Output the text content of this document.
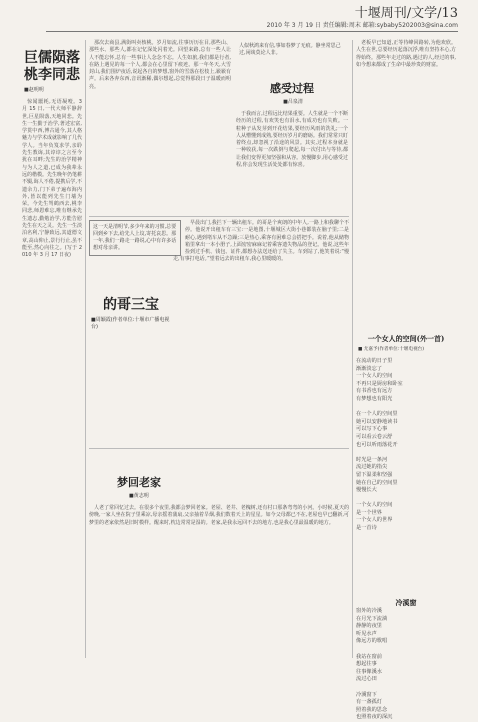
十堰周刊/文学/13
2010 年 3 月 19 日 责任编辑:周末 邮箱:sybaby5202003@sina.com
巨儒陨落
桃李同悲
■赵明明

惊闻噩耗,无语凝噎。3 月 15 日,一代大师平静辞世,巨星陨落,天地同悲。先生一生勤于治学,著述宏富,学贯中西,博古通今,其人格魅力与学术成就影响了几代学人。当年负笈求学,亲聆先生教诲,其谆谆之言至今犹在耳畔;先生的治学精神与为人之道,已成为我辈永远的楷模。先生晚年仍笔耕不辍,诲人不倦,提携后学,不遗余力,门下弟子遍布海内外,皆以能列先生门墙为荣。今先生驾鹤西去,桃李同悲,师恩难忘,唯有继承先生遗志,勤勉治学,方能告慰先生在天之灵。先生一生淡泊名利,宁静致远,其道德文章,高山仰止,景行行止,虽不能至,然心向往之。(写于 2010 年 3 月 17 日夜)

那次去商县,满街叫卖核桃。岁月如流,往事历历在目,那些山、那些水、那些人,都在记忆深处闪着光。回望来路,总有一些人让人不能忘怀,总有一些事让人念念不忘。人生如旅,我们都是行者,在路上遇见的每一个人,都会在心里留下痕迹。那一年冬天,大雪封山,我们围炉夜话,说起各自的梦想,窗外的雪落在松枝上,簌簌有声。后来各奔东西,音讯渐稀,偶尔想起,总觉得那段日子温暖而明亮。

人似秋鸿来有信,事如春梦了无痕。静坐常思己过,闲谈莫论人非。
感受过程
■吕泉清

于我而言,过程远比结果重要。人生就是一个不断经历的过程,有欢笑也有泪水,有成功也有失败。一粒种子从发芽到开花结果,要经历风雨的洗礼;一个人从懵懂到成熟,要经历岁月的磨砺。我们常常只盯着终点,却忽视了沿途的风景。其实,过程本身就是一种收获,每一次跌倒与爬起,每一次付出与等待,都让我们变得更加坚强和从容。放慢脚步,用心感受过程,你会发现生活处处都有惊喜。

这一天是清明节,多少年来的习惯,总要回到乡下去,给先人上坟,寄托哀思。那一年,我们一路走一路说,心中有许多话想对母亲讲。
的哥三宝
■周颖霞(作者单位:十堰市广播电视台)

早晨出门,我拦下一辆出租车。的哥是个爽朗的中年人,一路上和我聊个不停。他说开出租车有三宝:一是地图,十堰城区大街小巷都装在脑子里;二是耐心,遇到堵车从不急躁;三是热心,乘客有困难总会搭把手。说着,他从储物箱里拿出一本小册子,上面密密麻麻记着乘客遗失物品的登记。他说,这些年捡到过手机、钱包、证件,都想办法送还给了失主。车到站了,他笑着说:“慢走,有事打电话。”望着远去的出租车,我心里暖暖的。

梦回老家
■黄志明

人老了常回忆过去。在很多个夜里,我都会梦回老家。老屋、老井、老槐树,还有村口那条弯弯的小河。小时候,夏天的傍晚,一家人坐在院子里乘凉,母亲摇着蒲扇,父亲抽着旱烟,我们数着天上的星星。如今父母都已不在,老屋也早已翻新,可梦里的老家依然是旧时模样。醒来时,枕边常常是湿的。老家,是我永远回不去的地方,也是我心里最温暖的地方。

老板早已知道,正等待峰回路转,为他欢欣。人生在世,总要经历起落沉浮,唯有坚持本心,方得始终。那些年走过的路,遇过的人,经过的事,如今想来都成了生命中最珍贵的财富。

一个女人的空间(外一首)
■ 尤嘉予(作者单位:十堰电视台)
在流动的日子里
渐渐淡忘了
一个女人的空间
不再只是厨房和卧室
有书香也有远方
有梦想也有阳光

在一个人的空间里
她可以安静地读书
可以写下心事
可以看云卷云舒
也可以听雨落花开

时光是一条河
流过她的指尖
留下温柔和坚强
她在自己的空间里
慢慢长大

一个女人的空间
是一个世界
一个女人的世界
是一首诗
冷溪窗
窗外的冷溪
在月光下流淌
静静的夜里
听见水声
像远方的歌唱

我站在窗前
想起往事
往事像溪水
流过心田

冷溪窗下
有一盏孤灯
照着我的思念
也照着夜的深沉
